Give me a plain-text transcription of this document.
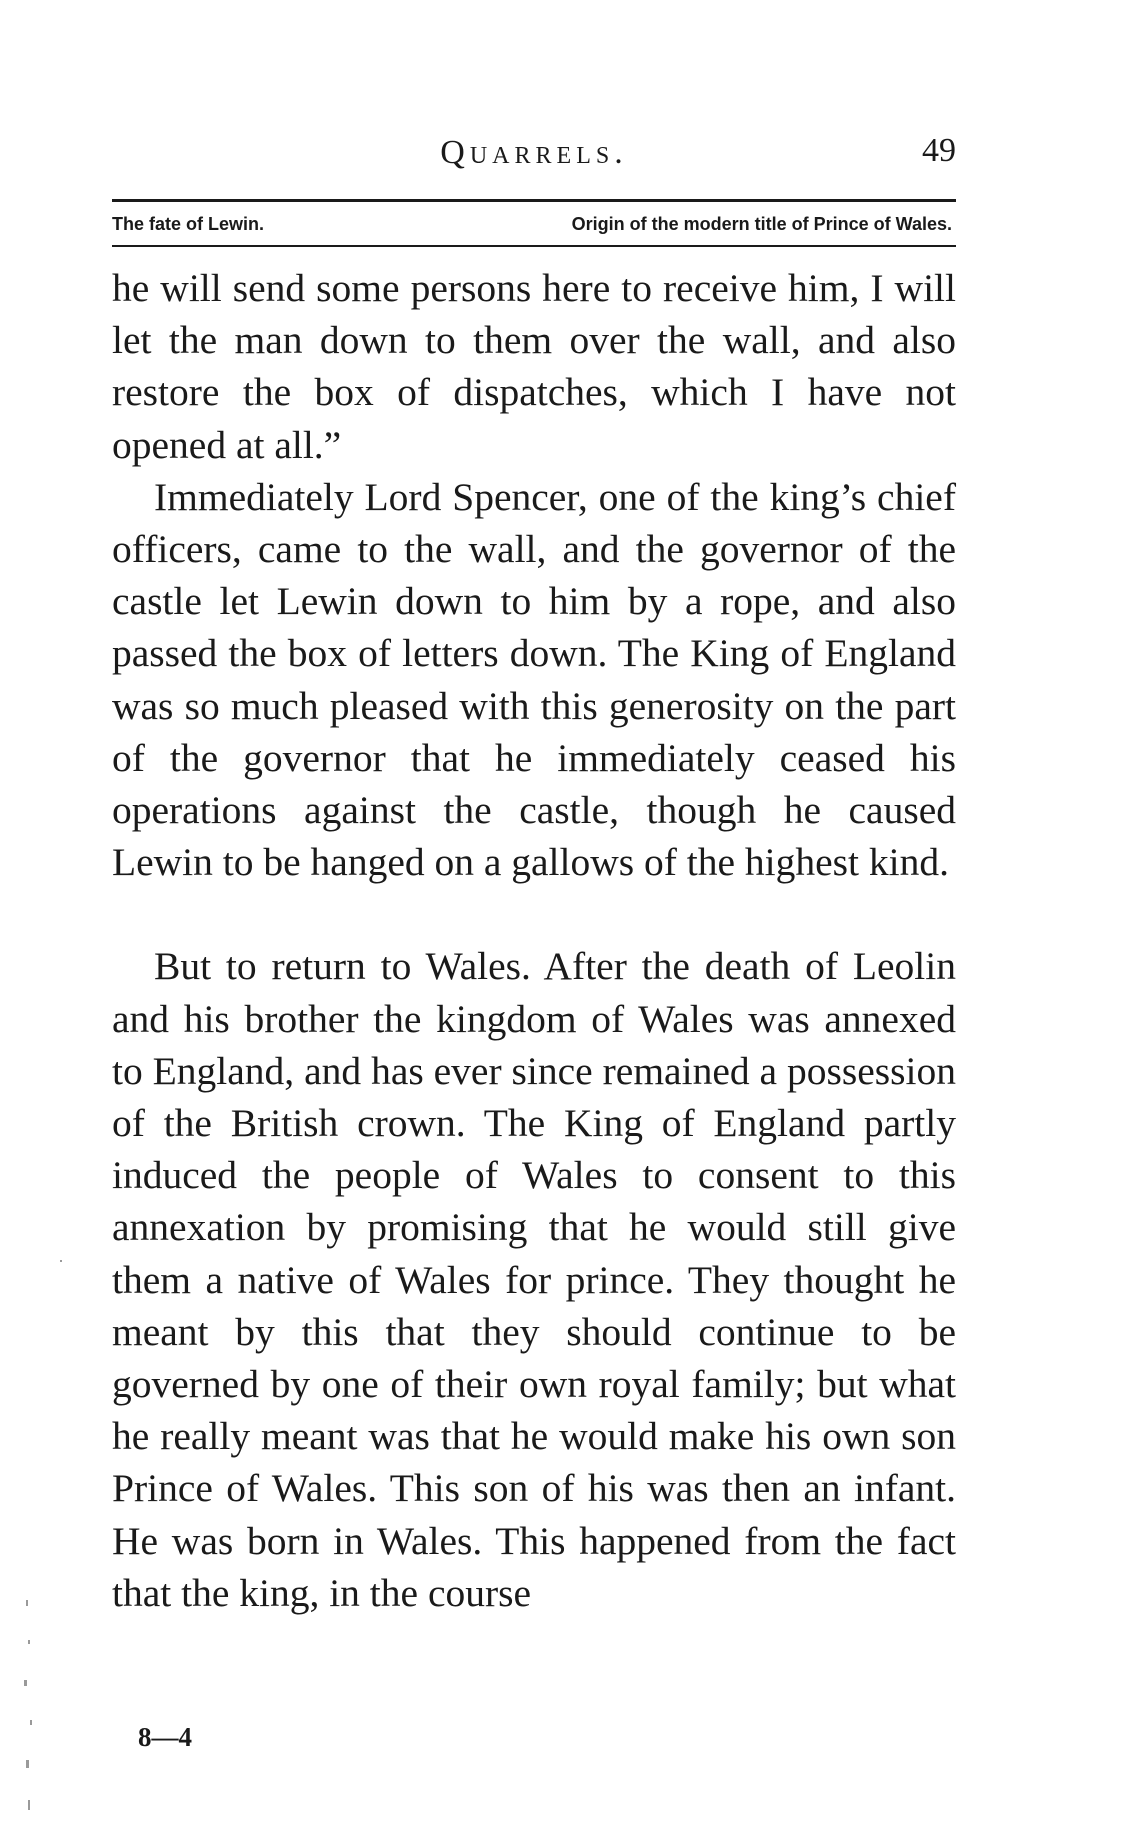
Quarrels.	49
The fate of Lewin.	Origin of the modern title of Prince of Wales.

he will send some persons here to receive him, I will let the man down to them over the wall, and also restore the box of dispatches, which I have not opened at all.”

Immediately Lord Spencer, one of the king’s chief officers, came to the wall, and the governor of the castle let Lewin down to him by a rope, and also passed the box of letters down. The King of England was so much pleased with this generosity on the part of the governor that he immediately ceased his operations against the castle, though he caused Lewin to be hanged on a gallows of the highest kind.

But to return to Wales. After the death of Leolin and his brother the kingdom of Wales was annexed to England, and has ever since remained a possession of the British crown. The King of England partly induced the people of Wales to consent to this annexation by promising that he would still give them a native of Wales for prince. They thought he meant by this that they should continue to be governed by one of their own royal family; but what he really meant was that he would make his own son Prince of Wales. This son of his was then an infant. He was born in Wales. This happened from the fact that the king, in the course

8—4
